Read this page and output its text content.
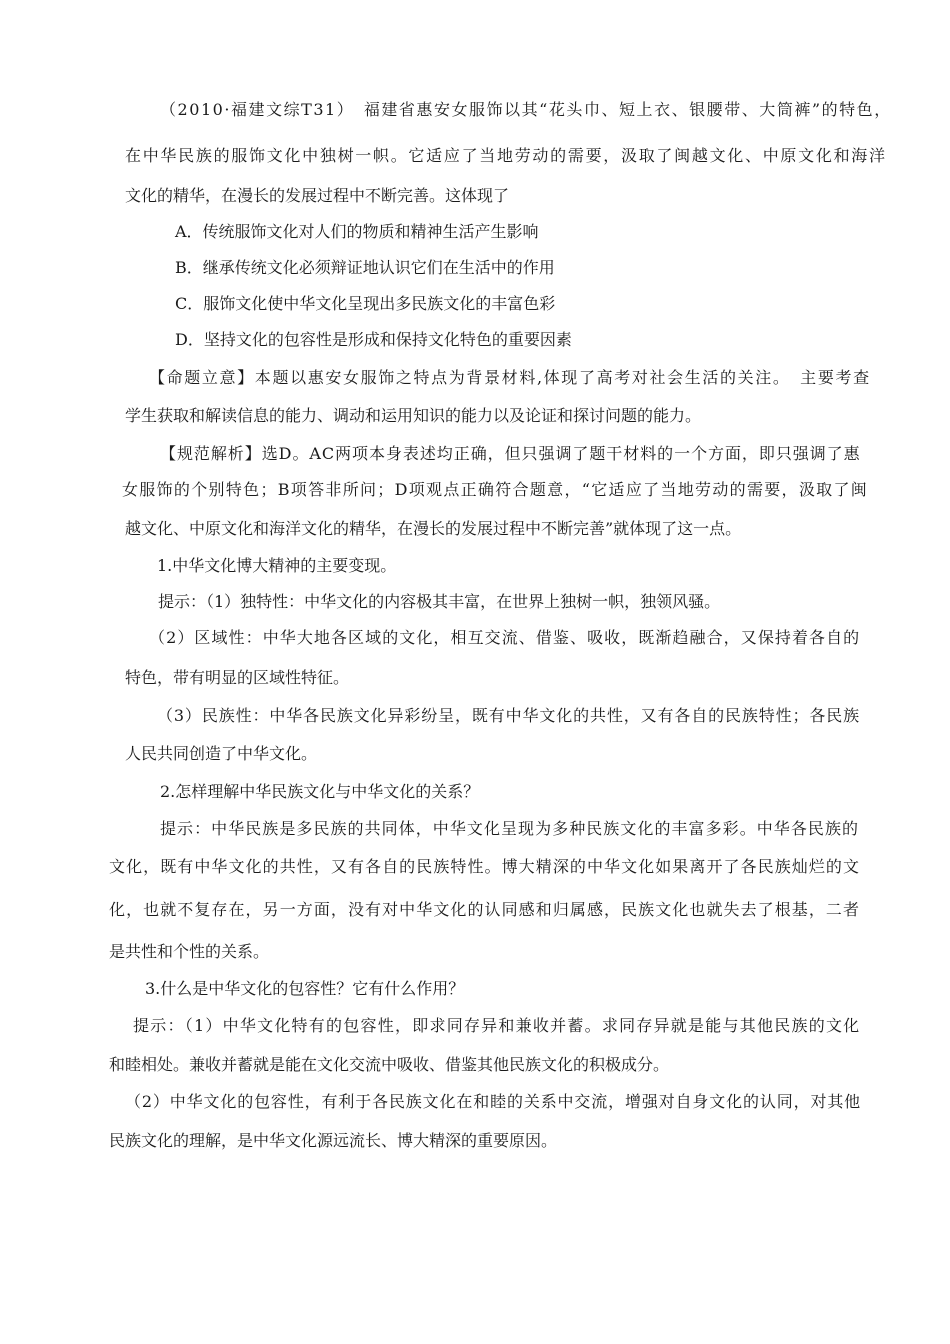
（2010·福建文综T31）　福建省惠安女服饰以其“花头巾、短上衣、银腰带、大筒裤”的特色，
在中华民族的服饰文化中独树一帜。它适应了当地劳动的需要，汲取了闽越文化、中原文化和海洋
文化的精华，在漫长的发展过程中不断完善。这体现了
A．传统服饰文化对人们的物质和精神生活产生影响
B．继承传统文化必须辩证地认识它们在生活中的作用
C．服饰文化使中华文化呈现出多民族文化的丰富色彩
D．坚持文化的包容性是形成和保持文化特色的重要因素
【命题立意】本题以惠安女服饰之特点为背景材料,体现了高考对社会生活的关注。　主要考查
学生获取和解读信息的能力、调动和运用知识的能力以及论证和探讨问题的能力。
【规范解析】选D。AC两项本身表述均正确，但只强调了题干材料的一个方面，即只强调了惠
女服饰的个别特色；B项答非所问；D项观点正确符合题意，“它适应了当地劳动的需要，汲取了闽
越文化、中原文化和海洋文化的精华，在漫长的发展过程中不断完善”就体现了这一点。
1.中华文化博大精神的主要变现。
提示：（1）独特性：中华文化的内容极其丰富，在世界上独树一帜，独领风骚。
（2）区域性：中华大地各区域的文化，相互交流、借鉴、吸收，既渐趋融合，又保持着各自的
特色，带有明显的区域性特征。
（3）民族性：中华各民族文化异彩纷呈，既有中华文化的共性，又有各自的民族特性；各民族
人民共同创造了中华文化。
2.怎样理解中华民族文化与中华文化的关系？
提示：中华民族是多民族的共同体，中华文化呈现为多种民族文化的丰富多彩。中华各民族的
文化，既有中华文化的共性，又有各自的民族特性。博大精深的中华文化如果离开了各民族灿烂的文
化，也就不复存在，另一方面，没有对中华文化的认同感和归属感，民族文化也就失去了根基，二者
是共性和个性的关系。
3.什么是中华文化的包容性？它有什么作用？
提示：（1）中华文化特有的包容性，即求同存异和兼收并蓄。求同存异就是能与其他民族的文化
和睦相处。兼收并蓄就是能在文化交流中吸收、借鉴其他民族文化的积极成分。
（2）中华文化的包容性，有利于各民族文化在和睦的关系中交流，增强对自身文化的认同，对其他
民族文化的理解，是中华文化源远流长、博大精深的重要原因。
